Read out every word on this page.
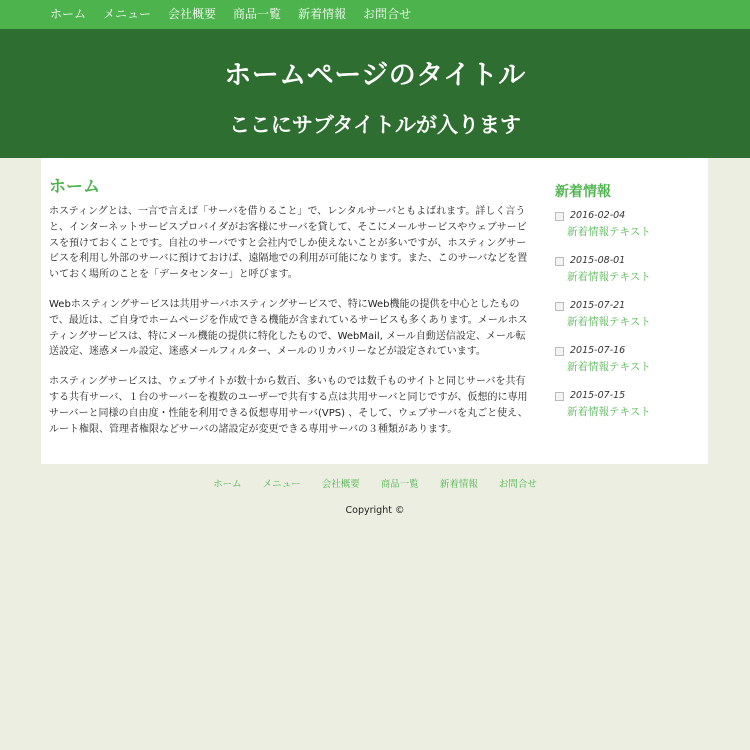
ホーム メニュー 会社概要 商品一覧 新着情報 お問合せ
ホームページのタイトル
ここにサブタイトルが入ります
ホーム

ホスティングとは、一言で言えば「サーバを借りること」で、レンタルサーバともよばれます。詳しく言うと、インターネットサービスプロバイダがお客様にサーバを貸して、そこにメールサービスやウェブサービスを預けておくことです。自社のサーバですと会社内でしか使えないことが多いですが、ホスティングサービスを利用し外部のサーバに預けておけば、遠隔地での利用が可能になります。また、このサーバなどを置いておく場所のことを「データセンター」と呼びます。

Webホスティングサービスは共用サーバホスティングサービスで、特にWeb機能の提供を中心としたもので、最近は、ご自身でホームページを作成できる機能が含まれているサービスも多くあります。メールホスティングサービスは、特にメール機能の提供に特化したもので、WebMail, メール自動送信設定、メール転送設定、迷惑メール設定、迷惑メールフィルター、メールのリカバリーなどが設定されています。

ホスティングサービスは、ウェブサイトが数十から数百、多いものでは数千ものサイトと同じサーバを共有する共有サーバ、１台のサーバーを複数のユーザーで共有する点は共用サーバと同じですが、仮想的に専用サーバーと同様の自由度・性能を利用できる仮想専用サーバ(VPS) 、そして、ウェブサーバを丸ごと使え、ルート権限、管理者権限などサーバの諸設定が変更できる専用サーバの３種類があります。

新着情報
2016-02-04
新着情報テキスト
2015-08-01
新着情報テキスト
2015-07-21
新着情報テキスト
2015-07-16
新着情報テキスト
2015-07-15
新着情報テキスト
ホーム メニュー 会社概要 商品一覧 新着情報 お問合せ
Copyright ©
